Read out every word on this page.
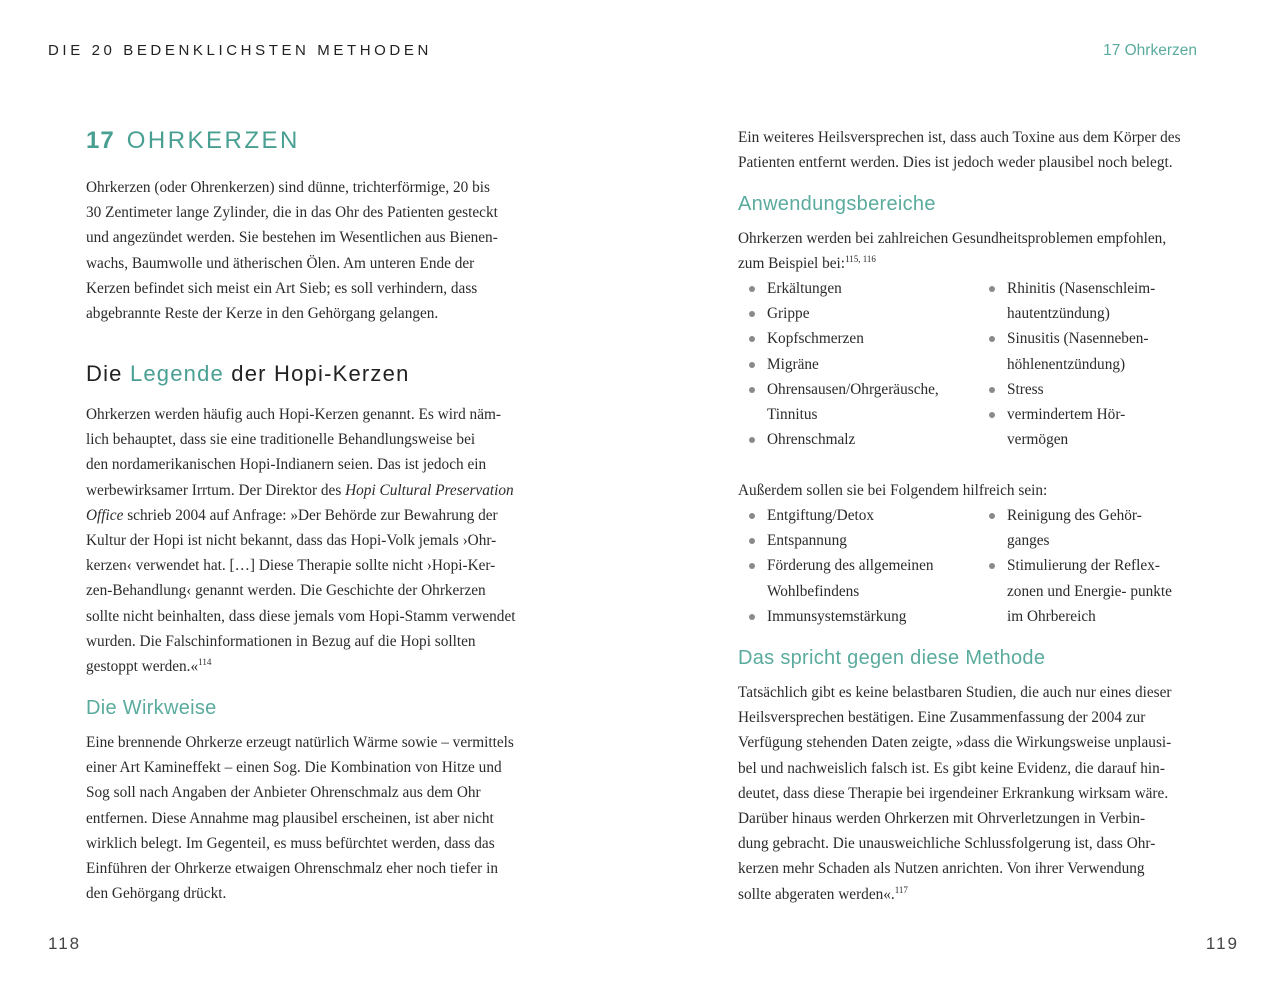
DIE 20 BEDENKLICHSTEN METHODEN	17 Ohrkerzen
17 OHRKERZEN

Ohrkerzen (oder Ohrenkerzen) sind dünne, trichterförmige, 20 bis
30 Zentimeter lange Zylinder, die in das Ohr des Patienten gesteckt
und angezündet werden. Sie bestehen im Wesentlichen aus Bienen-
wachs, Baumwolle und ätherischen Ölen. Am unteren Ende der
Kerzen befindet sich meist ein Art Sieb; es soll verhindern, dass
abgebrannte Reste der Kerze in den Gehörgang gelangen.

Die Legende der Hopi-Kerzen

Ohrkerzen werden häufig auch Hopi-Kerzen genannt. Es wird näm-
lich behauptet, dass sie eine traditionelle Behandlungsweise bei
den nordamerikanischen Hopi-Indianern seien. Das ist jedoch ein
werbewirksamer Irrtum. Der Direktor des Hopi Cultural Preservation
Office schrieb 2004 auf Anfrage: »Der Behörde zur Bewahrung der
Kultur der Hopi ist nicht bekannt, dass das Hopi-Volk jemals ›Ohr-
kerzen‹ verwendet hat. […] Diese Therapie sollte nicht ›Hopi-Ker-
zen-Behandlung‹ genannt werden. Die Geschichte der Ohrkerzen
sollte nicht beinhalten, dass diese jemals vom Hopi-Stamm verwendet
wurden. Die Falschinformationen in Bezug auf die Hopi sollten
gestoppt werden.«$^{114}$

Die Wirkweise

Eine brennende Ohrkerze erzeugt natürlich Wärme sowie – vermittels
einer Art Kamineffekt – einen Sog. Die Kombination von Hitze und
Sog soll nach Angaben der Anbieter Ohrenschmalz aus dem Ohr
entfernen. Diese Annahme mag plausibel erscheinen, ist aber nicht
wirklich belegt. Im Gegenteil, es muss befürchtet werden, dass das
Einführen der Ohrkerze etwaigen Ohrenschmalz eher noch tiefer in
den Gehörgang drückt.

118

Ein weiteres Heilsversprechen ist, dass auch Toxine aus dem Körper des
Patienten entfernt werden. Dies ist jedoch weder plausibel noch belegt.

Anwendungsbereiche

Ohrkerzen werden bei zahlreichen Gesundheitsproblemen empfohlen,
zum Beispiel bei:$^{115, 116}$

Erkältungen
Grippe
Kopfschmerzen
Migräne
Ohrensausen/Ohrgeräusche, Tinnitus
Ohrenschmalz
Rhinitis (Nasenschleim- hautentzündung)
Sinusitis (Nasenneben- höhlenentzündung)
Stress
vermindertem Hör- vermögen

Außerdem sollen sie bei Folgendem hilfreich sein:

Entgiftung/Detox
Entspannung
Förderung des allgemeinen Wohlbefindens
Immunsystemstärkung
Reinigung des Gehör- ganges
Stimulierung der Reflex- zonen und Energie- punkte im Ohrbereich
Das spricht gegen diese Methode

Tatsächlich gibt es keine belastbaren Studien, die auch nur eines dieser
Heilsversprechen bestätigen. Eine Zusammenfassung der 2004 zur
Verfügung stehenden Daten zeigte, »dass die Wirkungsweise unplausi-
bel und nachweislich falsch ist. Es gibt keine Evidenz, die darauf hin-
deutet, dass diese Therapie bei irgendeiner Erkrankung wirksam wäre.
Darüber hinaus werden Ohrkerzen mit Ohrverletzungen in Verbin-
dung gebracht. Die unausweichliche Schlussfolgerung ist, dass Ohr-
kerzen mehr Schaden als Nutzen anrichten. Von ihrer Verwendung
sollte abgeraten werden«.$^{117}$

119
